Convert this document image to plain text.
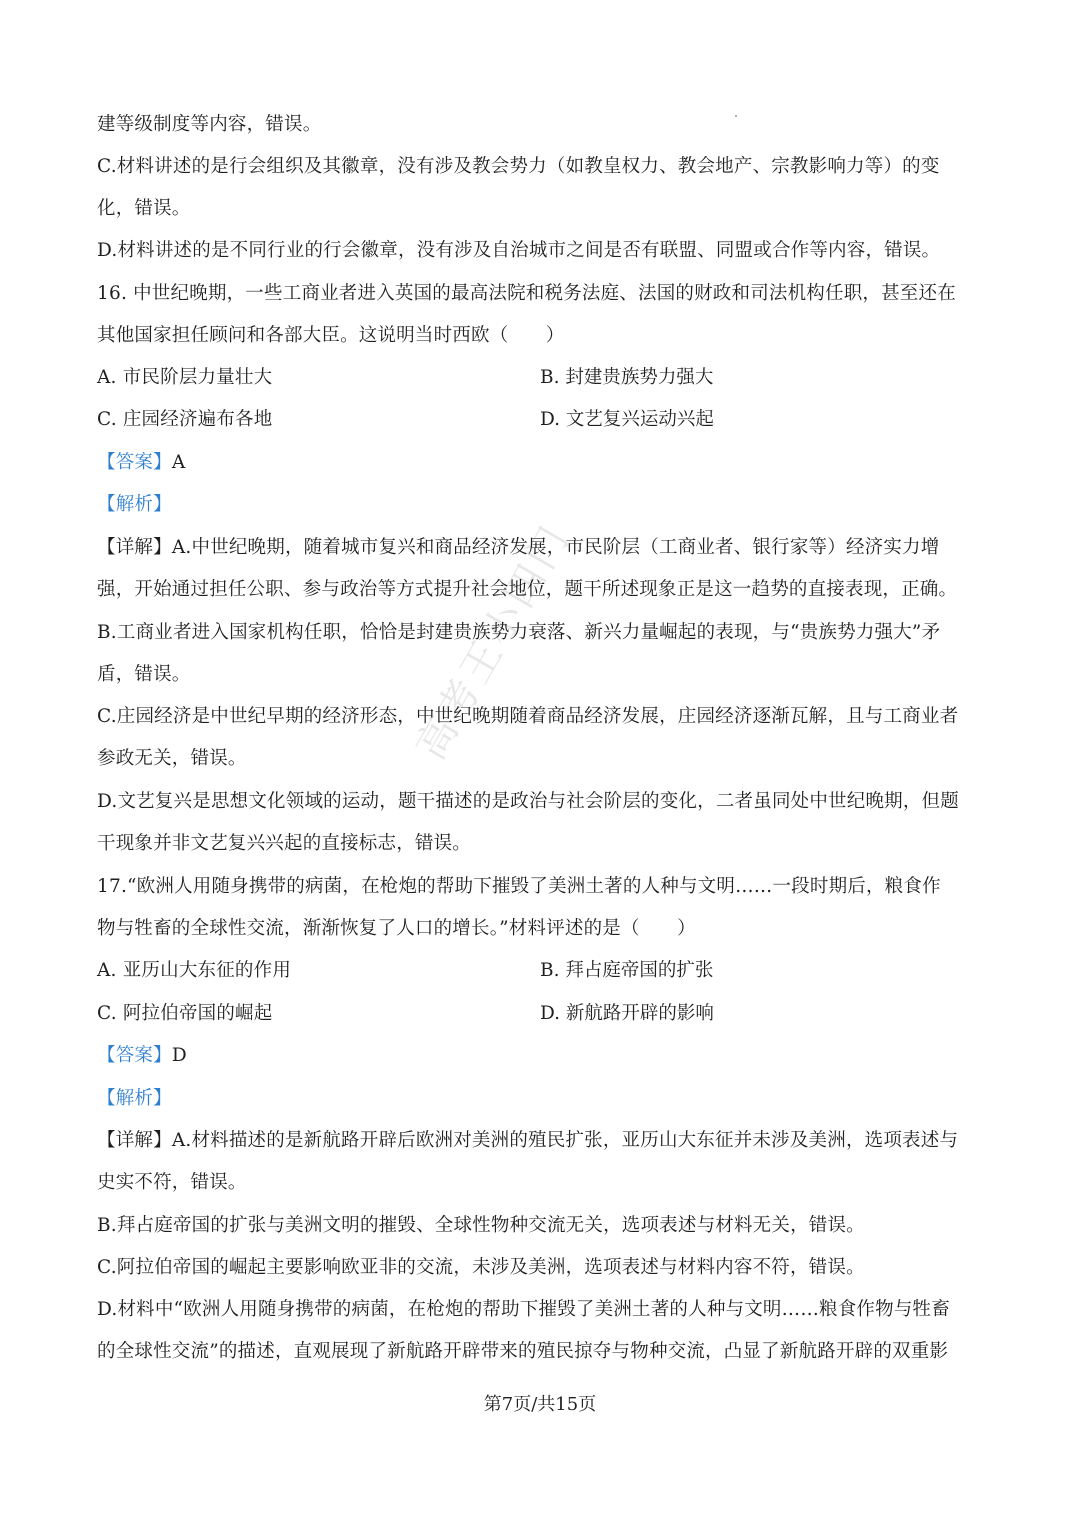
高考王小四门
建等级制度等内容，错误。
C.材料讲述的是行会组织及其徽章，没有涉及教会势力（如教皇权力、教会地产、宗教影响力等）的变
化，错误。
D.材料讲述的是不同行业的行会徽章，没有涉及自治城市之间是否有联盟、同盟或合作等内容，错误。
16. 中世纪晚期，一些工商业者进入英国的最高法院和税务法庭、法国的财政和司法机构任职，甚至还在
其他国家担任顾问和各部大臣。这说明当时西欧（　　）
A. 市民阶层力量壮大	B. 封建贵族势力强大
C. 庄园经济遍布各地	D. 文艺复兴运动兴起
【答案】A
【解析】
【详解】A.中世纪晚期，随着城市复兴和商品经济发展，市民阶层（工商业者、银行家等）经济实力增
强，开始通过担任公职、参与政治等方式提升社会地位，题干所述现象正是这一趋势的直接表现，正确。
B.工商业者进入国家机构任职，恰恰是封建贵族势力衰落、新兴力量崛起的表现，与“贵族势力强大”矛
盾，错误。
C.庄园经济是中世纪早期的经济形态，中世纪晚期随着商品经济发展，庄园经济逐渐瓦解，且与工商业者
参政无关，错误。
D.文艺复兴是思想文化领域的运动，题干描述的是政治与社会阶层的变化，二者虽同处中世纪晚期，但题
干现象并非文艺复兴兴起的直接标志，错误。
17.“欧洲人用随身携带的病菌，在枪炮的帮助下摧毁了美洲土著的人种与文明……一段时期后，粮食作
物与牲畜的全球性交流，渐渐恢复了人口的增长。”材料评述的是（　　）
A. 亚历山大东征的作用	B. 拜占庭帝国的扩张
C. 阿拉伯帝国的崛起	D. 新航路开辟的影响
【答案】D
【解析】
【详解】A.材料描述的是新航路开辟后欧洲对美洲的殖民扩张，亚历山大东征并未涉及美洲，选项表述与
史实不符，错误。
B.拜占庭帝国的扩张与美洲文明的摧毁、全球性物种交流无关，选项表述与材料无关，错误。
C.阿拉伯帝国的崛起主要影响欧亚非的交流，未涉及美洲，选项表述与材料内容不符，错误。
D.材料中“欧洲人用随身携带的病菌，在枪炮的帮助下摧毁了美洲土著的人种与文明……粮食作物与牲畜
的全球性交流”的描述，直观展现了新航路开辟带来的殖民掠夺与物种交流，凸显了新航路开辟的双重影
第7页/共15页
